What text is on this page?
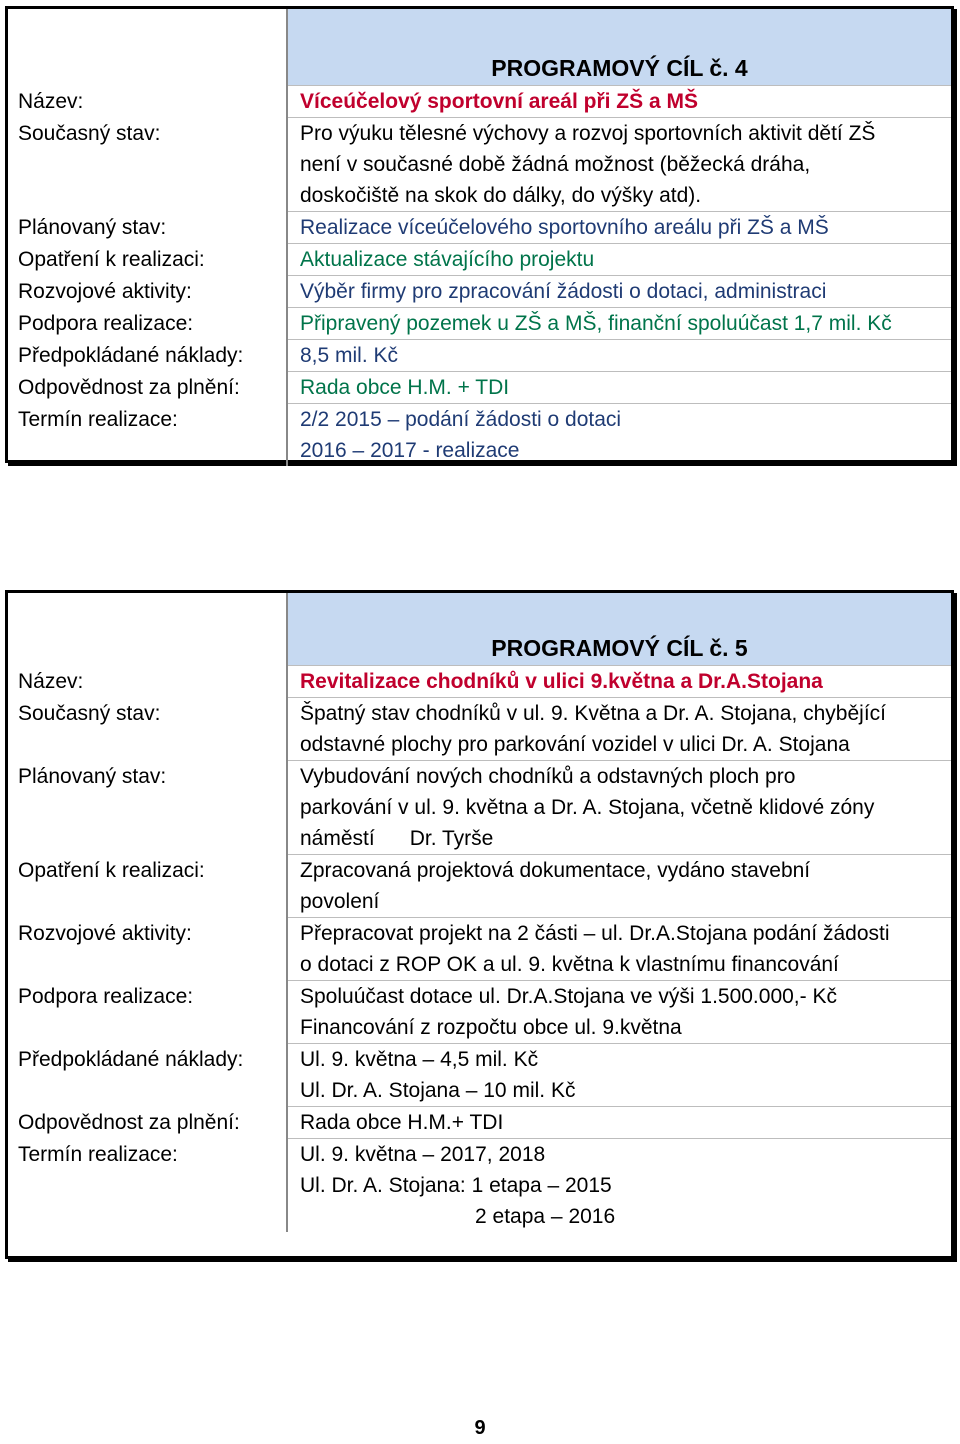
	PROGRAMOVÝ CÍL č. 4
Název:	Víceúčelový sportovní areál při ZŠ a MŠ

Současný stav:	Pro výuku tělesné výchovy a rozvoj sportovních aktivit dětí ZŠ
není v současné době žádná možnost (běžecká dráha,
doskočiště na skok do dálky, do výšky atd).

Plánovaný stav:	Realizace víceúčelového sportovního areálu při ZŠ a MŠ

Opatření k realizaci:	Aktualizace stávajícího projektu

Rozvojové aktivity:	Výběr firmy pro zpracování žádosti o dotaci, administraci

Podpora realizace:	Připravený pozemek u ZŠ a MŠ, finanční spoluúčast 1,7 mil. Kč

Předpokládané náklady:	8,5 mil. Kč

Odpovědnost za plnění:	Rada obce H.M. + TDI

Termín realizace:	2/2 2015 – podání žádosti o dotaci
2016 – 2017 - realizace
	PROGRAMOVÝ CÍL č. 5
Název:	Revitalizace chodníků v ulici 9.května a Dr.A.Stojana

Současný stav:	Špatný stav chodníků v ul. 9. Května a Dr. A. Stojana, chybějící
odstavné plochy pro parkování vozidel v ulici Dr. A. Stojana

Plánovaný stav:	Vybudování nových chodníků a odstavných ploch pro
parkování v ul. 9. května a Dr. A. Stojana, včetně klidové zóny
náměstí      Dr. Tyrše

Opatření k realizaci:	Zpracovaná projektová dokumentace, vydáno stavební
povolení

Rozvojové aktivity:	Přepracovat projekt na 2 části – ul. Dr.A.Stojana podání žádosti
o dotaci z ROP OK a ul. 9. května k vlastnímu financování

Podpora realizace:	Spoluúčast dotace ul. Dr.A.Stojana ve výši 1.500.000,- Kč
Financování z rozpočtu obce ul. 9.května

Předpokládané náklady:	Ul. 9. května – 4,5 mil. Kč
Ul. Dr. A. Stojana – 10 mil. Kč

Odpovědnost za plnění:	Rada obce H.M.+ TDI

Termín realizace:	Ul. 9. května – 2017, 2018
Ul. Dr. A. Stojana: 1 etapa – 2015
2 etapa – 2016
9
